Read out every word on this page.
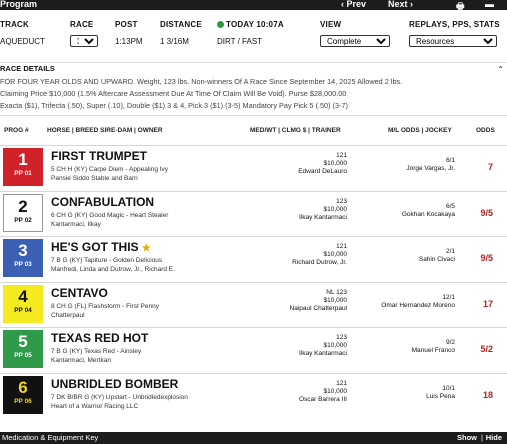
Program	‹ Prev Next ›	🖶 ▬
TRACK
AQUEDUCT
RACE
3*	POST
1:13PM
DISTANCE
1 3/16M
TODAY 10:07A
DIRT / FAST
VIEW
Complete	REPLAYS, PPS, STATS
Resources
RACE DETAILS	⌃
FOR FOUR YEAR OLDS AND UPWARD. Weight, 123 lbs. Non-winners Of A Race Since September 14, 2025 Allowed 2 lbs.
Claiming Price $10,000 (1.5% Aftercare Assessment Due At Time Of Claim Will Be Void). Purse $28,000.00
Exacta ($1), Trifecta (.50), Super (.10), Double ($1) 3 & 4, Pick 3 ($1) (3-5) Mandatory Pay Pick 5 (.50) (3-7)
PROG #	HORSE | BREED SIRE-DAM | OWNER	MED/WT | CLMG $ | TRAINER	M/L ODDS | JOCKEY	ODDS
1
PP 01
FIRST TRUMPET
5 CH H (KY) Carpe Diem - Appealing Ivy
Pansie Siddo Stable and Barn
121
$10,000
Edward DeLauro
6/1
Jorge Vargas, Jr.	7
2
PP 02
CONFABULATION
6 CH G (KY) Good Magic - Heart Stealer
Kantarmaci, Ilkay
123
$10,000
Ilkay Kantarmaci
6/5
Gokhan Kocakaya	9/5
3
PP 03
HE'S GOT THIS ★
7 B G (KY) Tapiture - Golden Delicious
Manfredi, Linda and Dutrow, Jr., Richard E.
121
$10,000
Richard Dutrow, Jr.
2/1
Sahin Civaci	9/5
4
PP 04
CENTAVO
8 CH G (FL) Flashstorm - First Penny
Chatterpaul
NL 123
$10,000
Naipaul Chatterpaul
12/1
Omar Hernandez Moreno	17
5
PP 05
TEXAS RED HOT
7 B G (KY) Texas Red - Ainsley
Kantarmaci, Mertkan
123
$10,000
Ilkay Kantarmaci
9/2
Manuel Franco	5/2
6
PP 06
UNBRIDLED BOMBER
7 DK B/BR G (KY) Upstart - Unbridledexplosion
Heart of a Warrior Racing LLC
121
$10,000
Oscar Barrera III
10/1
Luis Pena	18
Medication & Equipment Key	Show | Hide
